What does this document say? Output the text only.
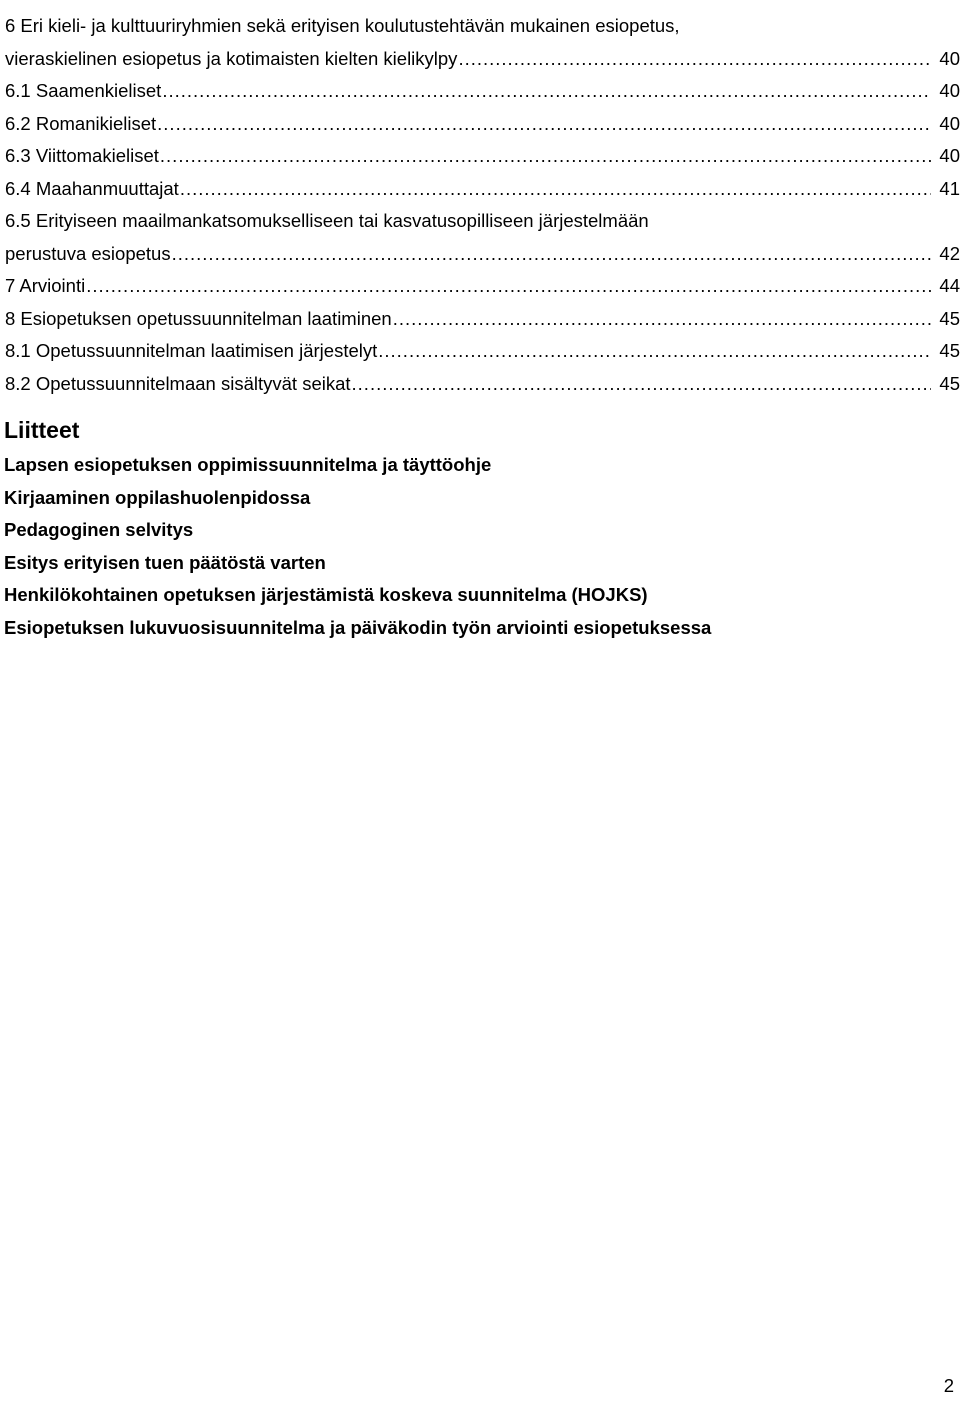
6 Eri kieli- ja kulttuuriryhmien sekä erityisen koulutustehtävän mukainen esiopetus,
vieraskielinen esiopetus ja kotimaisten kielten kielikylpy .....	40
6.1 Saamenkieliset .....	40
6.2 Romanikieliset .....	40
6.3 Viittomakieliset .....	40
6.4 Maahanmuuttajat .....	41
6.5 Erityiseen maailmankatsomukselliseen tai kasvatusopilliseen järjestelmään
perustuva esiopetus .....	42
7 Arviointi .....	44
8 Esiopetuksen opetussuunnitelman laatiminen .....	45
8.1 Opetussuunnitelman laatimisen järjestelyt .....	45
8.2 Opetussuunnitelmaan sisältyvät seikat .....	45
Liitteet
Lapsen esiopetuksen oppimissuunnitelma ja täyttöohje
Kirjaaminen oppilashuolenpidossa
Pedagoginen selvitys
Esitys erityisen tuen päätöstä varten
Henkilökohtainen opetuksen järjestämistä koskeva suunnitelma (HOJKS)
Esiopetuksen lukuvuosisuunnitelma ja päiväkodin työn arviointi esiopetuksessa
2
